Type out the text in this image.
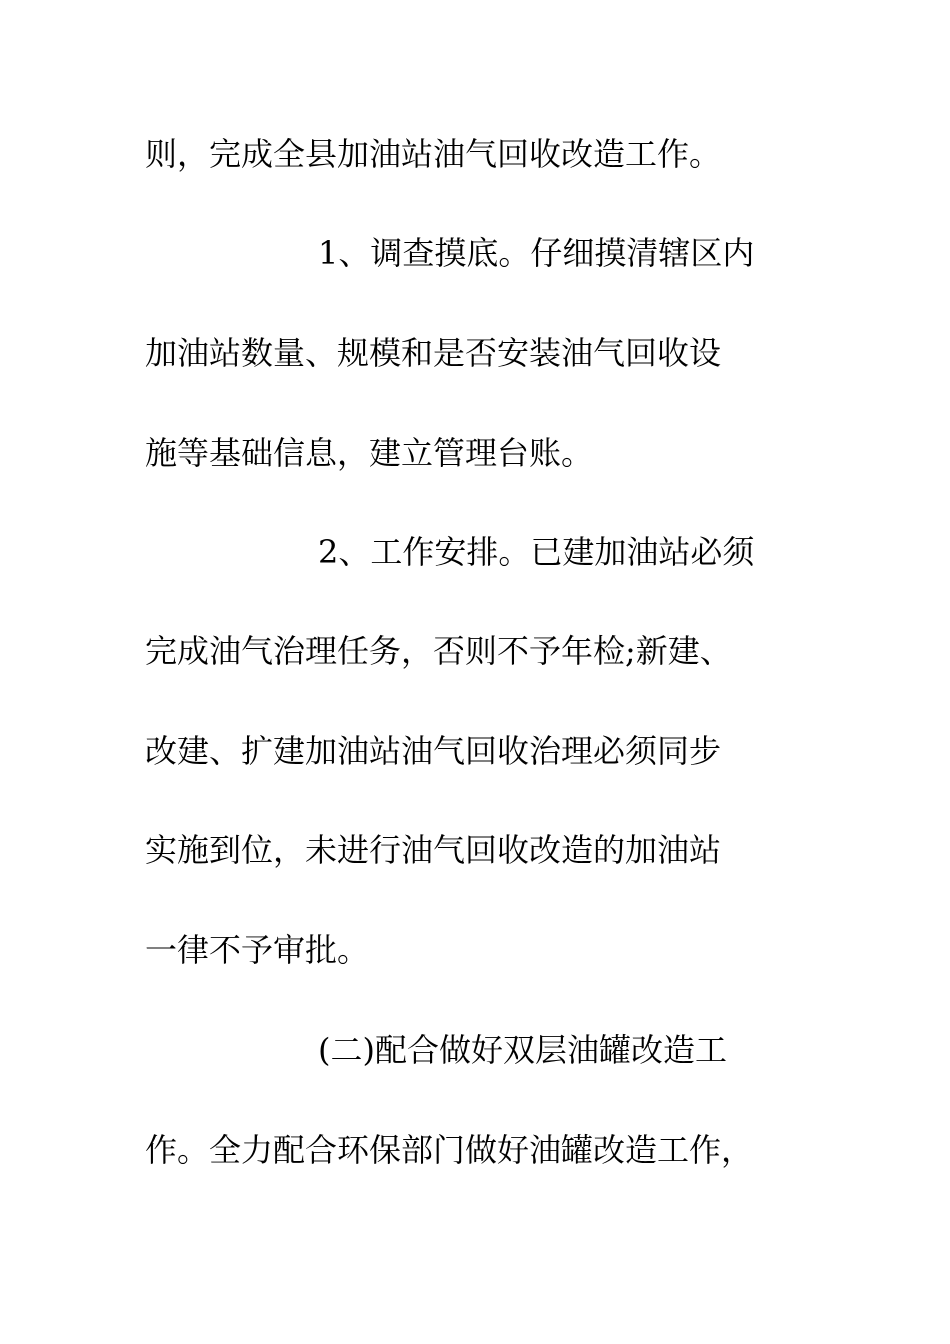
则，完成全县加油站油气回收改造工作。
1、调查摸底。仔细摸清辖区内
加油站数量、规模和是否安装油气回收设
施等基础信息，建立管理台账。
2、工作安排。已建加油站必须
完成油气治理任务，否则不予年检;新建、
改建、扩建加油站油气回收治理必须同步
实施到位，未进行油气回收改造的加油站
一律不予审批。
(二)配合做好双层油罐改造工
作。全力配合环保部门做好油罐改造工作，
